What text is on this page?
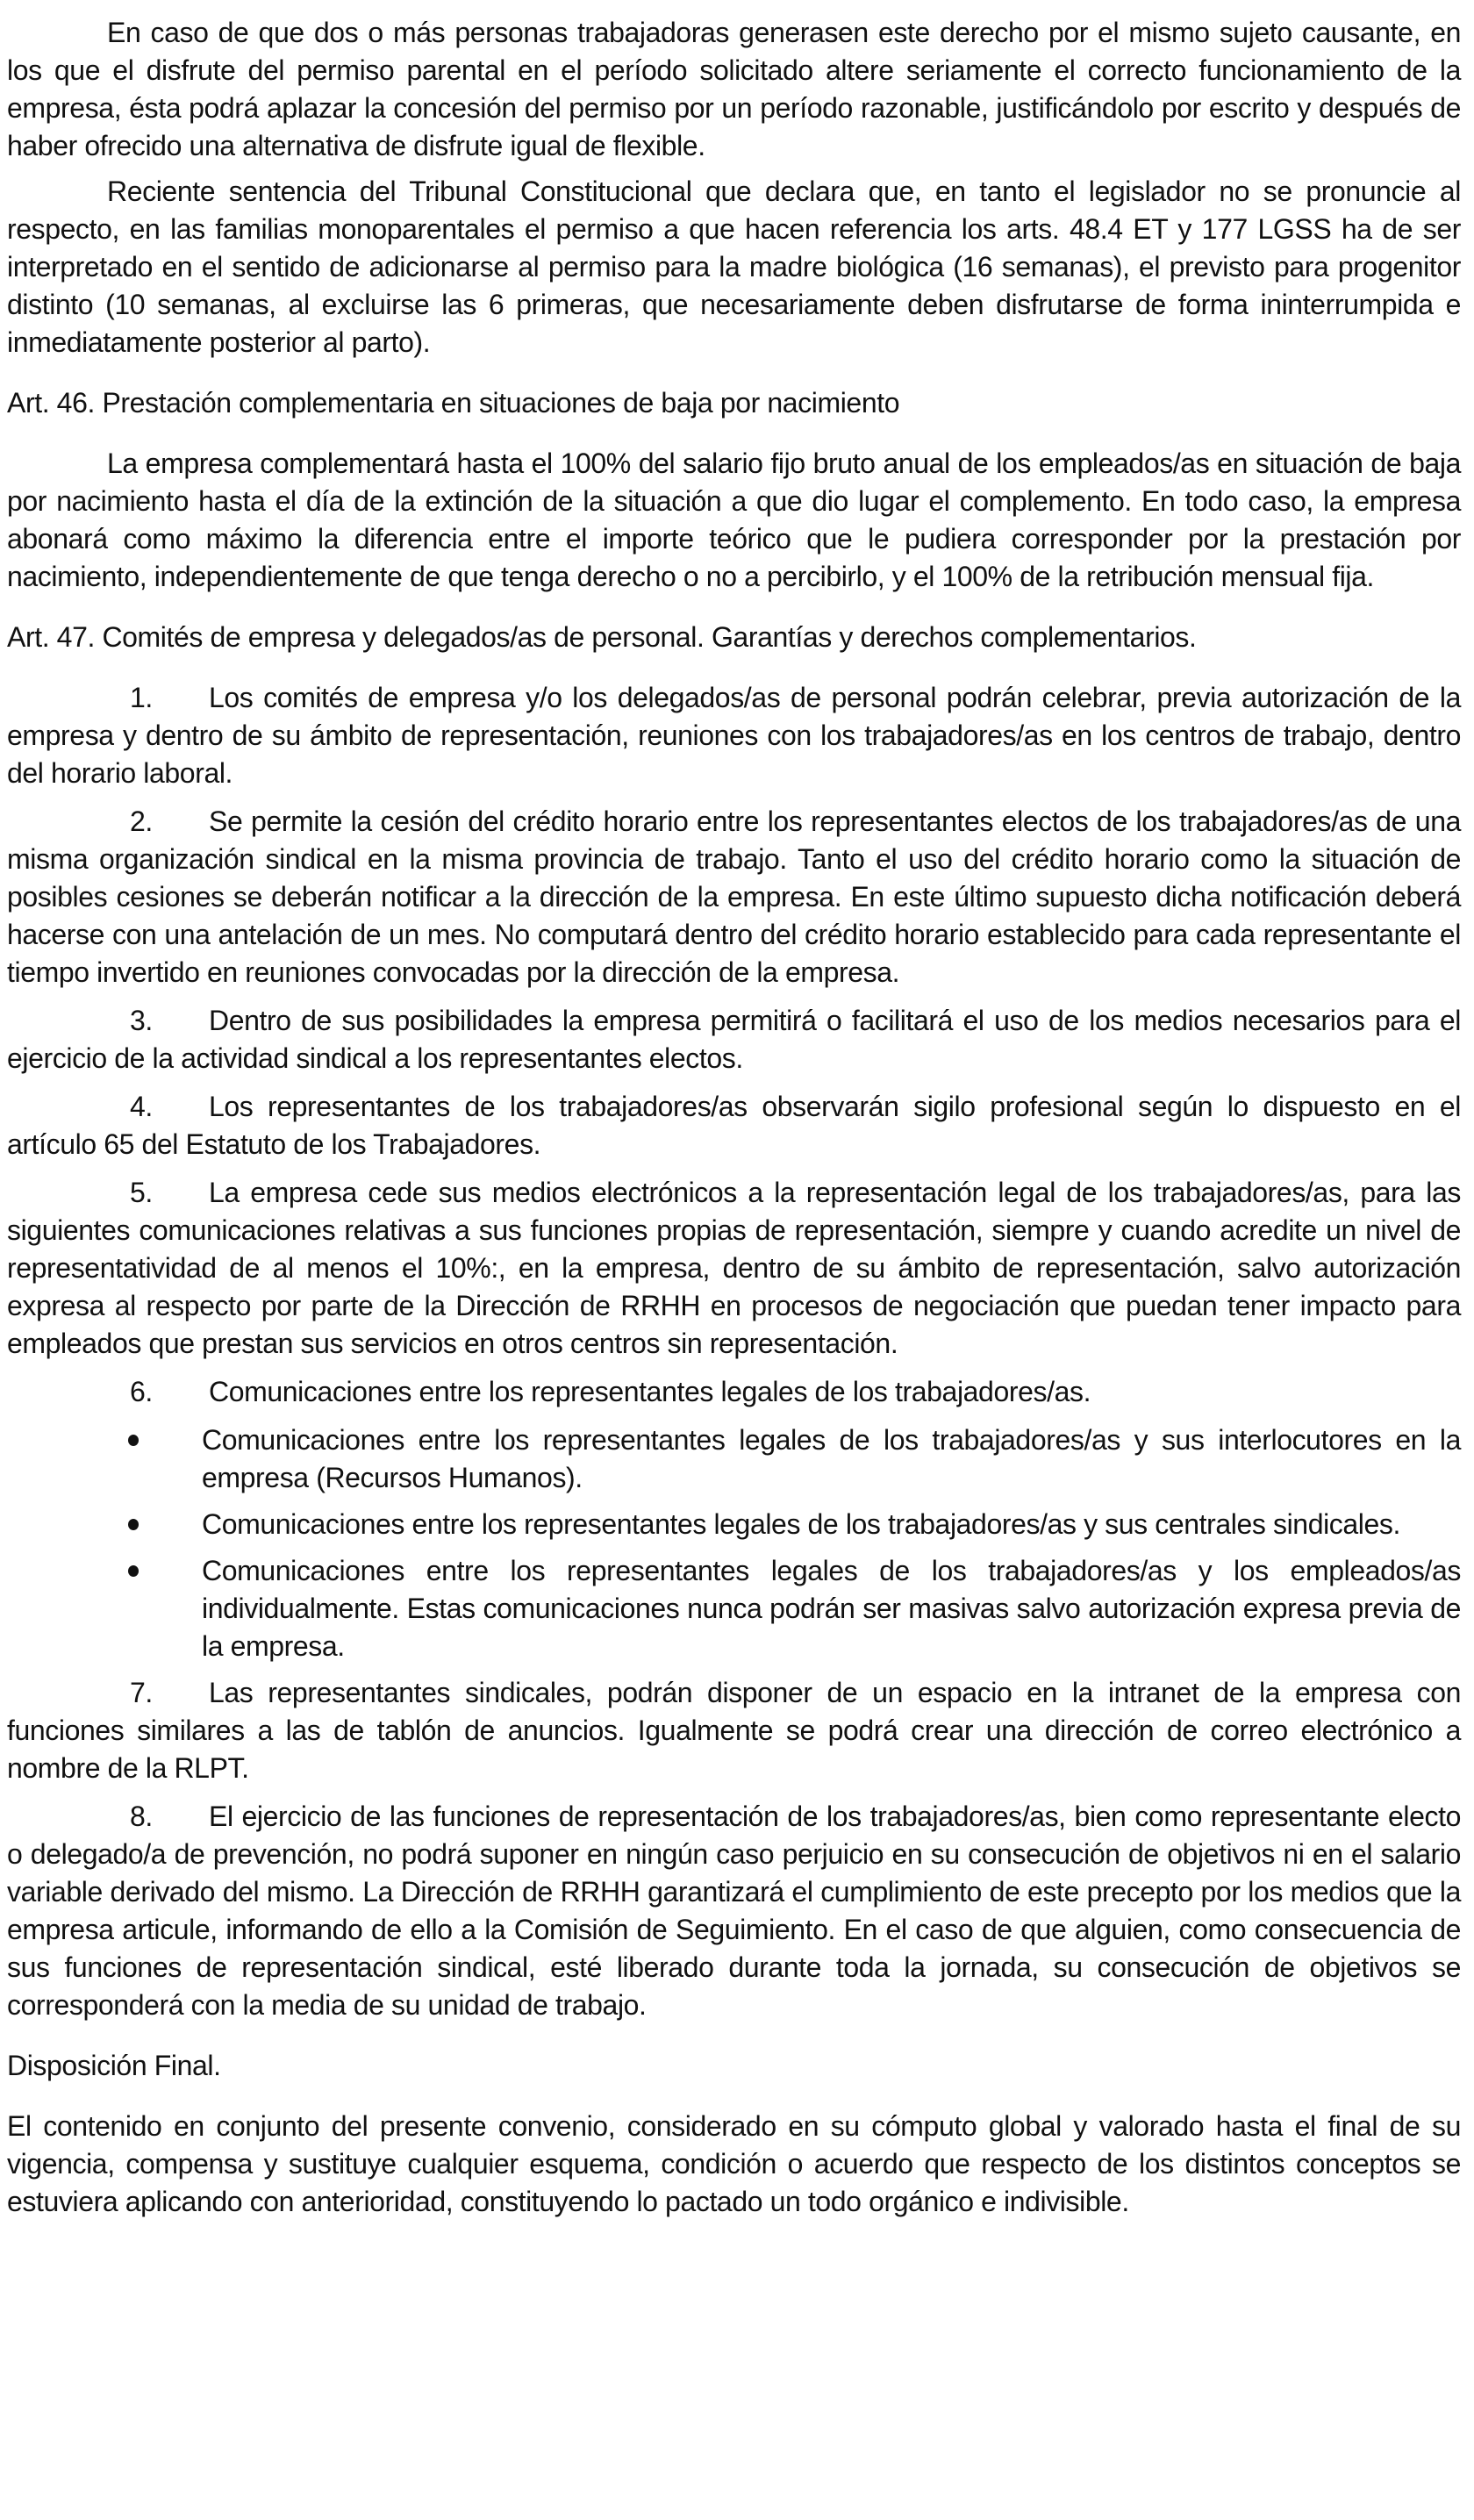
En caso de que dos o más personas trabajadoras generasen este derecho por el mismo sujeto causante, en los que el disfrute del permiso parental en el período solicitado altere seriamente el correcto funcionamiento de la empresa, ésta podrá aplazar la concesión del permiso por un período razonable, justificándolo por escrito y después de haber ofrecido una alternativa de disfrute igual de flexible.

Reciente sentencia del Tribunal Constitucional que declara que, en tanto el legislador no se pronuncie al respecto, en las familias monoparentales el permiso a que hacen referencia los arts. 48.4 ET y 177 LGSS ha de ser interpretado en el sentido de adicionarse al permiso para la madre biológica (16 semanas), el previsto para progenitor distinto (10 semanas, al excluirse las 6 primeras, que necesariamente deben disfrutarse de forma ininterrumpida e inmediatamente posterior al parto).

Art. 46. Prestación complementaria en situaciones de baja por nacimiento

La empresa complementará hasta el 100% del salario fijo bruto anual de los empleados/as en situación de baja por nacimiento hasta el día de la extinción de la situación a que dio lugar el complemento. En todo caso, la empresa abonará como máximo la diferencia entre el importe teórico que le pudiera corresponder por la prestación por nacimiento, independientemente de que tenga derecho o no a percibirlo, y el 100% de la retribución mensual fija.

Art. 47. Comités de empresa y delegados/as de personal. Garantías y derechos complementarios.

1. Los comités de empresa y/o los delegados/as de personal podrán celebrar, previa autorización de la empresa y dentro de su ámbito de representación, reuniones con los trabajadores/as en los centros de trabajo, dentro del horario laboral.

2. Se permite la cesión del crédito horario entre los representantes electos de los trabajadores/as de una misma organización sindical en la misma provincia de trabajo. Tanto el uso del crédito horario como la situación de posibles cesiones se deberán notificar a la dirección de la empresa. En este último supuesto dicha notificación deberá hacerse con una antelación de un mes. No computará dentro del crédito horario establecido para cada representante el tiempo invertido en reuniones convocadas por la dirección de la empresa.

3. Dentro de sus posibilidades la empresa permitirá o facilitará el uso de los medios necesarios para el ejercicio de la actividad sindical a los representantes electos.

4. Los representantes de los trabajadores/as observarán sigilo profesional según lo dispuesto en el artículo 65 del Estatuto de los Trabajadores.

5. La empresa cede sus medios electrónicos a la representación legal de los trabajadores/as, para las siguientes comunicaciones relativas a sus funciones propias de representación, siempre y cuando acredite un nivel de representatividad de al menos el 10%:, en la empresa, dentro de su ámbito de representación, salvo autorización expresa al respecto por parte de la Dirección de RRHH en procesos de negociación que puedan tener impacto para empleados que prestan sus servicios en otros centros sin representación.

6. Comunicaciones entre los representantes legales de los trabajadores/as.

Comunicaciones entre los representantes legales de los trabajadores/as y sus interlocutores en la empresa (Recursos Humanos).

Comunicaciones entre los representantes legales de los trabajadores/as y sus centrales sindicales.

Comunicaciones entre los representantes legales de los trabajadores/as y los empleados/as individualmente. Estas comunicaciones nunca podrán ser masivas salvo autorización expresa previa de la empresa.

7. Las representantes sindicales, podrán disponer de un espacio en la intranet de la empresa con funciones similares a las de tablón de anuncios. Igualmente se podrá crear una dirección de correo electrónico a nombre de la RLPT.

8. El ejercicio de las funciones de representación de los trabajadores/as, bien como representante electo o delegado/a de prevención, no podrá suponer en ningún caso perjuicio en su consecución de objetivos ni en el salario variable derivado del mismo. La Dirección de RRHH garantizará el cumplimiento de este precepto por los medios que la empresa articule, informando de ello a la Comisión de Seguimiento. En el caso de que alguien, como consecuencia de sus funciones de representación sindical, esté liberado durante toda la jornada, su consecución de objetivos se corresponderá con la media de su unidad de trabajo.

Disposición Final.

El contenido en conjunto del presente convenio, considerado en su cómputo global y valorado hasta el final de su vigencia, compensa y sustituye cualquier esquema, condición o acuerdo que respecto de los distintos conceptos se estuviera aplicando con anterioridad, constituyendo lo pactado un todo orgánico e indivisible.
